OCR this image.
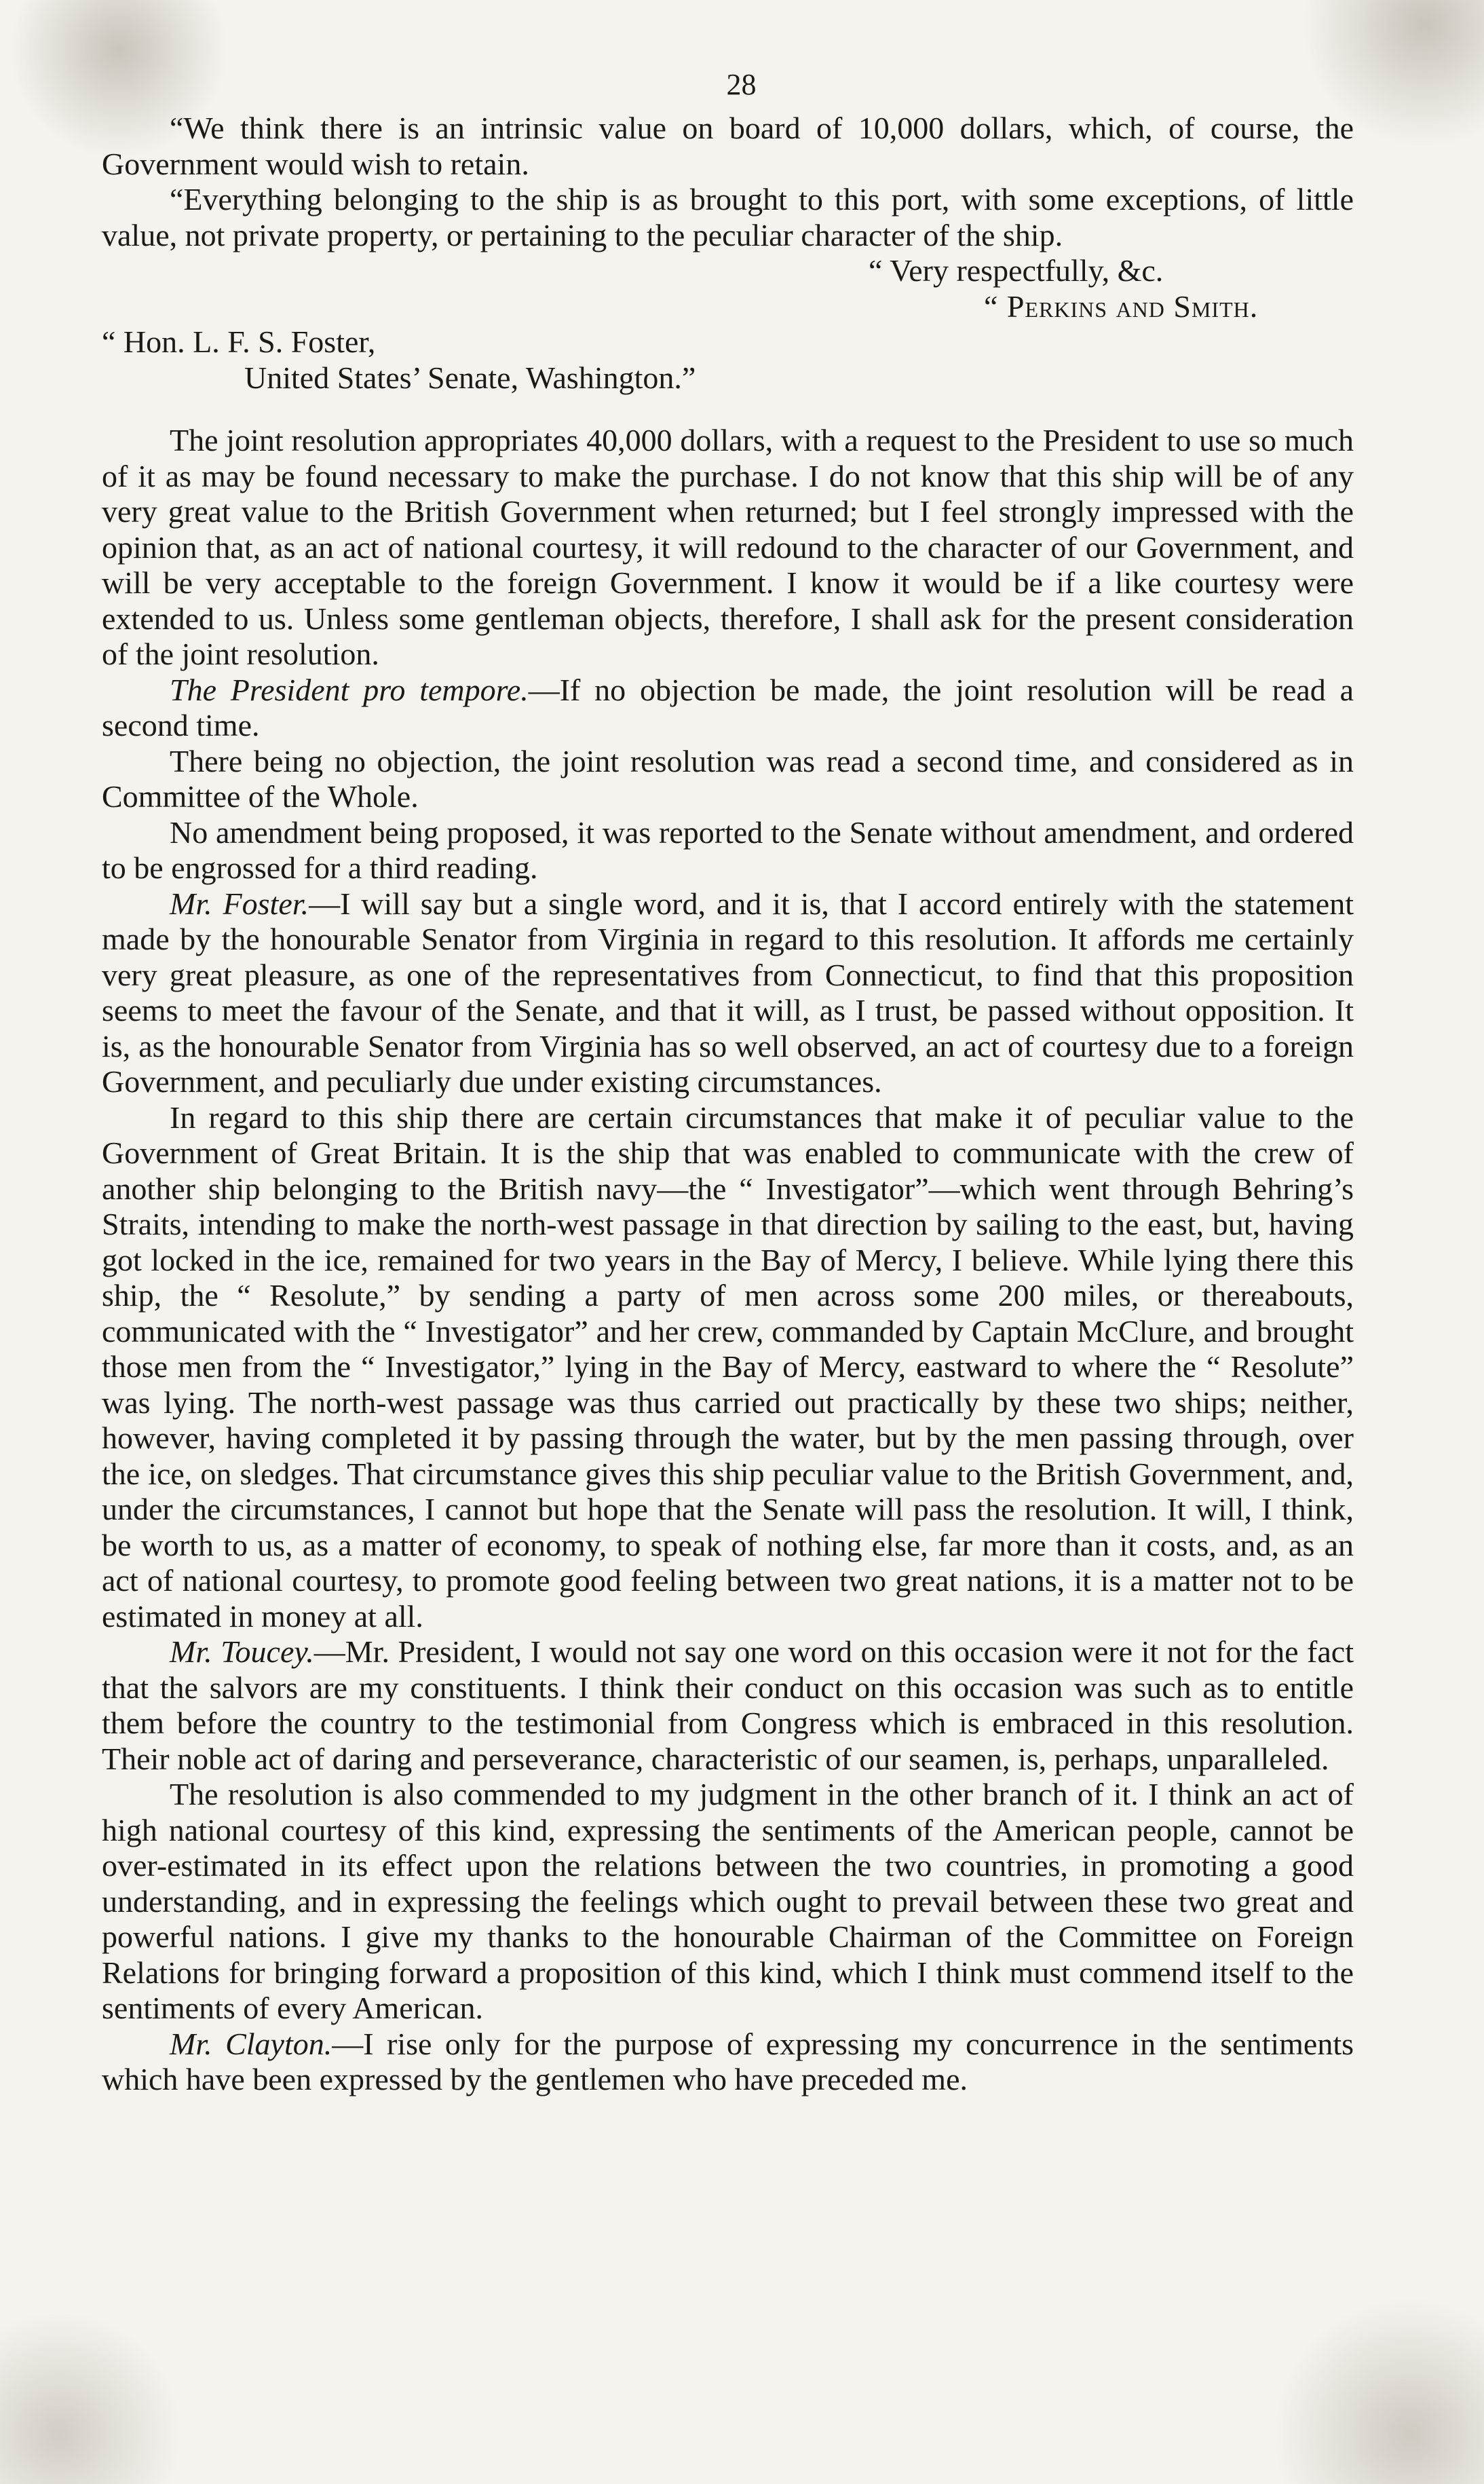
28

“We think there is an intrinsic value on board of 10,000 dollars, which, of course, the Government would wish to retain.

“Everything belonging to the ship is as brought to this port, with some exceptions, of little value, not private property, or pertaining to the peculiar character of the ship.

“ Very respectfully, &c.
“ Perkins and Smith.
“ Hon. L. F. S. Foster,
United States’ Senate, Washington.”

The joint resolution appropriates 40,000 dollars, with a request to the President to use so much of it as may be found necessary to make the purchase. I do not know that this ship will be of any very great value to the British Government when returned; but I feel strongly impressed with the opinion that, as an act of national courtesy, it will redound to the character of our Government, and will be very acceptable to the foreign Government. I know it would be if a like courtesy were extended to us. Unless some gentleman objects, therefore, I shall ask for the present consideration of the joint resolution.

The President pro tempore.—If no objection be made, the joint resolution will be read a second time.

There being no objection, the joint resolution was read a second time, and considered as in Committee of the Whole.

No amendment being proposed, it was reported to the Senate without amendment, and ordered to be engrossed for a third reading.

Mr. Foster.—I will say but a single word, and it is, that I accord entirely with the statement made by the honourable Senator from Virginia in regard to this resolution. It affords me certainly very great pleasure, as one of the representatives from Connecticut, to find that this proposition seems to meet the favour of the Senate, and that it will, as I trust, be passed without opposition. It is, as the honourable Senator from Virginia has so well observed, an act of courtesy due to a foreign Government, and peculiarly due under existing circumstances.

In regard to this ship there are certain circumstances that make it of peculiar value to the Government of Great Britain. It is the ship that was enabled to communicate with the crew of another ship belonging to the British navy—the “ Investigator”—which went through Behring’s Straits, intending to make the north-west passage in that direction by sailing to the east, but, having got locked in the ice, remained for two years in the Bay of Mercy, I believe. While lying there this ship, the “ Resolute,” by sending a party of men across some 200 miles, or thereabouts, communicated with the “ Investigator” and her crew, commanded by Captain McClure, and brought those men from the “ Investigator,” lying in the Bay of Mercy, eastward to where the “ Resolute” was lying. The north-west passage was thus carried out practically by these two ships; neither, however, having completed it by passing through the water, but by the men passing through, over the ice, on sledges. That circumstance gives this ship peculiar value to the British Government, and, under the circumstances, I cannot but hope that the Senate will pass the resolution. It will, I think, be worth to us, as a matter of economy, to speak of nothing else, far more than it costs, and, as an act of national courtesy, to promote good feeling between two great nations, it is a matter not to be estimated in money at all.

Mr. Toucey.—Mr. President, I would not say one word on this occasion were it not for the fact that the salvors are my constituents. I think their conduct on this occasion was such as to entitle them before the country to the testimonial from Congress which is embraced in this resolution. Their noble act of daring and perseverance, characteristic of our seamen, is, perhaps, unparalleled.

The resolution is also commended to my judgment in the other branch of it. I think an act of high national courtesy of this kind, expressing the sentiments of the American people, cannot be over-estimated in its effect upon the relations between the two countries, in promoting a good understanding, and in expressing the feelings which ought to prevail between these two great and powerful nations. I give my thanks to the honourable Chairman of the Committee on Foreign Relations for bringing forward a proposition of this kind, which I think must commend itself to the sentiments of every American.

Mr. Clayton.—I rise only for the purpose of expressing my concurrence in the sentiments which have been expressed by the gentlemen who have preceded me.
